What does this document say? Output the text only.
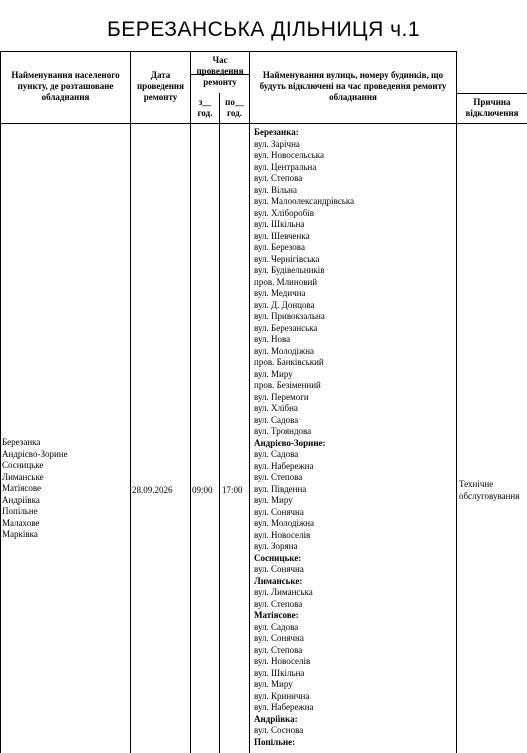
БЕРЕЗАНСЬКА ДІЛЬНИЦЯ ч.1
Найменування населеного пункту, де розташоване обладнання
Дата проведення ремонту
Час проведення ремонту
з__ год.
по__ год.
Найменування вулиць, номеру будинків, що будуть відключені на час проведення ремонту обладнання	Причина відключення
Березанка
Андрієво-Зорине
Сосницьке
Лиманське
Матіясове
Андріївка
Попільне
Малахове
Марківка
28.09.2026 09:00 17:00
Березанка:
вул. Зарічна
вул. Новосельська
вул. Центральна
вул. Степова
вул. Вільна
вул. Малоолександрівська
вул. Хліборобів
вул. Шкільна
вул. Шевченка
вул. Березова
вул. Чернігівська
вул. Будівельників
пров. Млиновий
вул. Медична
вул. Д. Донцова
вул. Привокзальна
вул. Березанська
вул. Нова
вул. Молодіжна
пров. Банківський
вул. Миру
пров. Безіменний
вул. Перемоги
вул. Хлібна
вул. Садова
вул. Трояндова
Андрієво-Зорине:
вул. Садова
вул. Набережна
вул. Степова
вул. Південна
вул. Миру
вул. Сонячна
вул. Молодіжна
вул. Новоселів
вул. Зоряна
Сосницьке:
вул. Сонячна
Лиманське:
вул. Лиманська
вул. Степова
Матіясове:
вул. Садова
вул. Сонячна
вул. Степова
вул. Новоселів
вул. Шкільна
вул. Миру
вул. Кринична
вул. Набережна
Андріївка:
вул. Соснова
Попільне:
Технічне обслуговування
